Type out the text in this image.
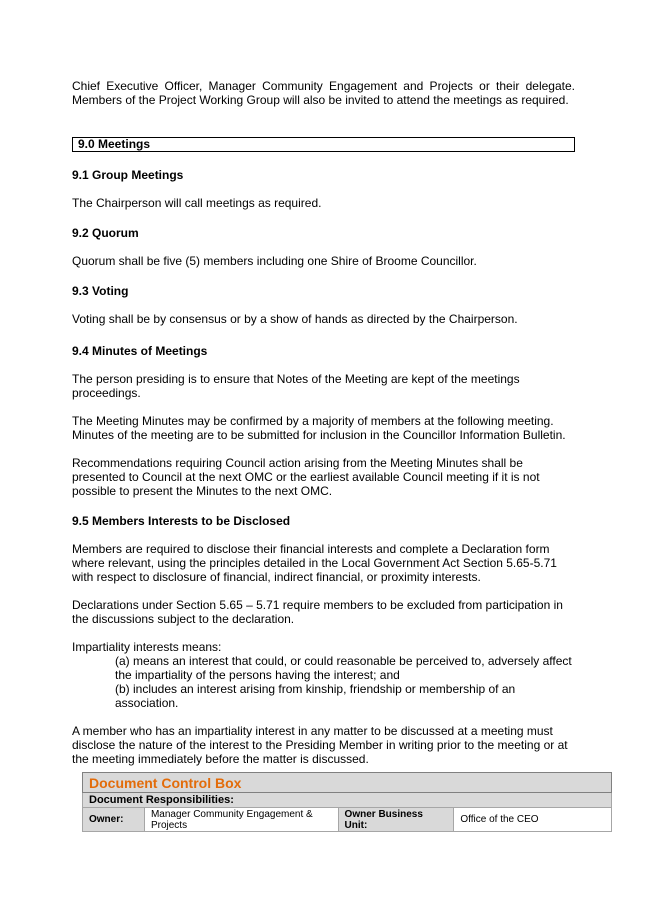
Chief Executive Officer, Manager Community Engagement and Projects or their delegate. Members of the Project Working Group will also be invited to attend the meetings as required.

9.0 Meetings
9.1 Group Meetings

The Chairperson will call meetings as required.

9.2 Quorum

Quorum shall be five (5) members including one Shire of Broome Councillor.

9.3 Voting

Voting shall be by consensus or by a show of hands as directed by the Chairperson.

9.4 Minutes of Meetings

The person presiding is to ensure that Notes of the Meeting are kept of the meetings proceedings.

The Meeting Minutes may be confirmed by a majority of members at the following meeting. Minutes of the meeting are to be submitted for inclusion in the Councillor Information Bulletin.

Recommendations requiring Council action arising from the Meeting Minutes shall be presented to Council at the next OMC or the earliest available Council meeting if it is not possible to present the Minutes to the next OMC.

9.5 Members Interests to be Disclosed

Members are required to disclose their financial interests and complete a Declaration form where relevant, using the principles detailed in the Local Government Act Section 5.65-5.71 with respect to disclosure of financial, indirect financial, or proximity interests.

Declarations under Section 5.65 – 5.71 require members to be excluded from participation in the discussions subject to the declaration.

Impartiality interests means:

(a) means an interest that could, or could reasonable be perceived to, adversely affect the impartiality of the persons having the interest; and

(b) includes an interest arising from kinship, friendship or membership of an association.

A member who has an impartiality interest in any matter to be discussed at a meeting must disclose the nature of the interest to the Presiding Member in writing prior to the meeting or at the meeting immediately before the matter is discussed.

Document Control Box
Document Responsibilities:
Owner:	Manager Community Engagement & Projects	Owner Business Unit:	Office of the CEO
